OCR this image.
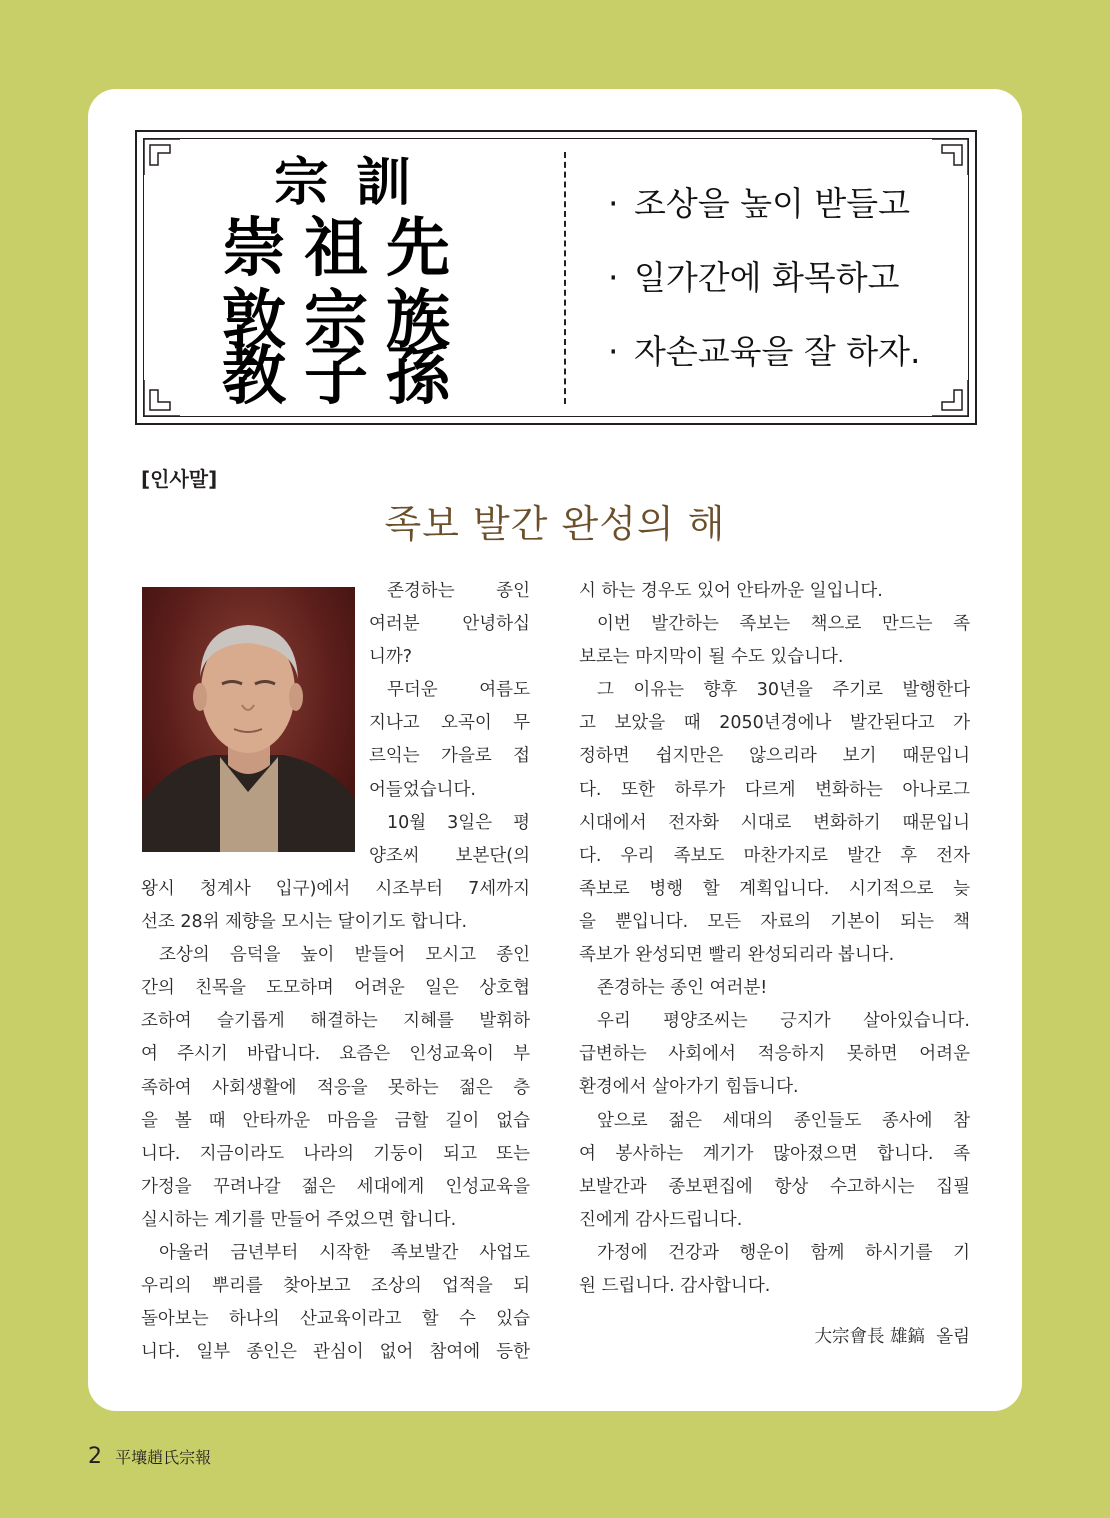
宗訓
崇祖先
敦宗族
教子孫
· 조상을 높이 받들고
· 일가간에 화목하고
· 자손교육을 잘 하자.
[인사말]
족보 발간 완성의 해
존경하는 종인
여러분 안녕하십
니까?
무더운 여름도
지나고 오곡이 무
르익는 가을로 접
어들었습니다.
10월 3일은 평
양조씨 보본단(의
왕시 청계사 입구)에서 시조부터 7세까지
선조 28위 제향을 모시는 달이기도 합니다.
조상의 음덕을 높이 받들어 모시고 종인
간의 친목을 도모하며 어려운 일은 상호협
조하여 슬기롭게 해결하는 지혜를 발휘하
여 주시기 바랍니다. 요즘은 인성교육이 부
족하여 사회생활에 적응을 못하는 젊은 층
을 볼 때 안타까운 마음을 금할 길이 없습
니다. 지금이라도 나라의 기둥이 되고 또는
가정을 꾸려나갈 젊은 세대에게 인성교육을
실시하는 계기를 만들어 주었으면 합니다.
아울러 금년부터 시작한 족보발간 사업도
우리의 뿌리를 찾아보고 조상의 업적을 되
돌아보는 하나의 산교육이라고 할 수 있습
니다. 일부 종인은 관심이 없어 참여에 등한
시 하는 경우도 있어 안타까운 일입니다.
이번 발간하는 족보는 책으로 만드는 족
보로는 마지막이 될 수도 있습니다.
그 이유는 향후 30년을 주기로 발행한다
고 보았을 때 2050년경에나 발간된다고 가
정하면 쉽지만은 않으리라 보기 때문입니
다. 또한 하루가 다르게 변화하는 아나로그
시대에서 전자화 시대로 변화하기 때문입니
다. 우리 족보도 마찬가지로 발간 후 전자
족보로 병행 할 계획입니다. 시기적으로 늦
을 뿐입니다. 모든 자료의 기본이 되는 책
족보가 완성되면 빨리 완성되리라 봅니다.
존경하는 종인 여러분!
우리 평양조씨는 긍지가 살아있습니다.
급변하는 사회에서 적응하지 못하면 어려운
환경에서 살아가기 힘듭니다.
앞으로 젊은 세대의 종인들도 종사에 참
여 봉사하는 계기가 많아졌으면 합니다. 족
보발간과 종보편집에 항상 수고하시는 집필
진에게 감사드립니다.
가정에 건강과 행운이 함께 하시기를 기
원 드립니다. 감사합니다.
大宗會長 雄鎬  올림
2 平壤趙氏宗報
